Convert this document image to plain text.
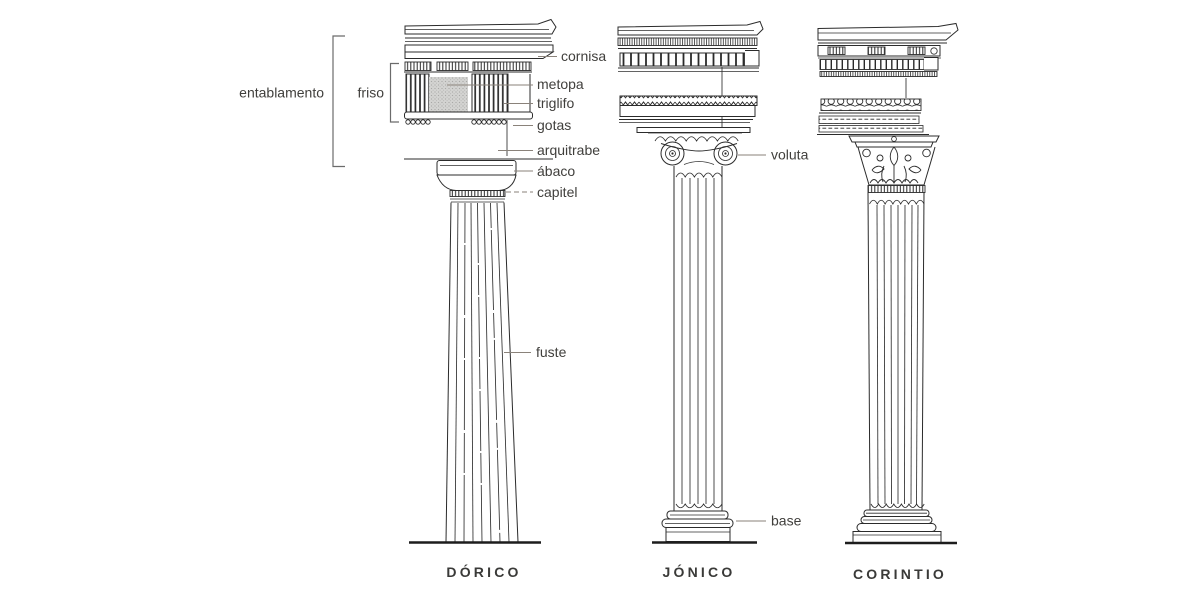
entablamento friso
cornisa
metopa
triglifo
gotas
arquitrabe
ábaco
capitel
fuste
voluta
base
DÓRICO	JÓNICO	CORINTIO
